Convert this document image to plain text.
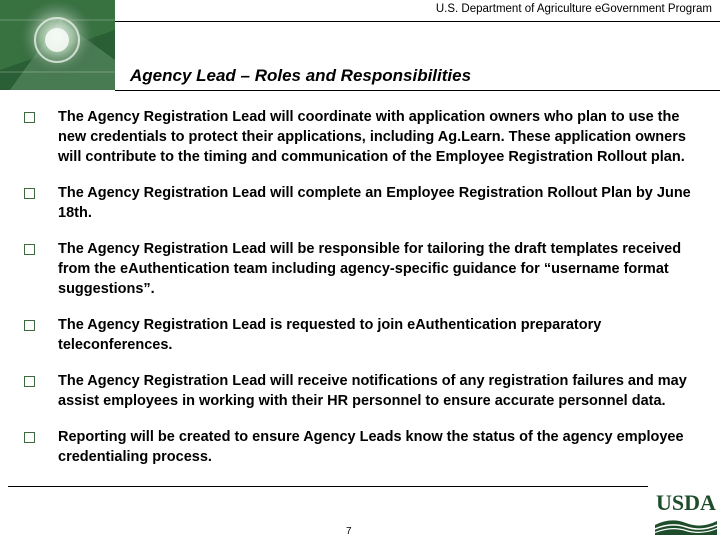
U.S. Department of Agriculture eGovernment Program
Agency Lead – Roles and Responsibilities
The Agency Registration Lead will coordinate with application owners who plan to use the new credentials to protect their applications, including Ag.Learn. These application owners will contribute to the timing and communication of the Employee Registration Rollout plan.
The Agency Registration Lead will complete an Employee Registration Rollout Plan by June 18th.
The Agency Registration Lead will be responsible for tailoring the draft templates received from the eAuthentication team including agency-specific guidance for “username format suggestions”.
The Agency Registration Lead is requested to join eAuthentication preparatory teleconferences.
The Agency Registration Lead will receive notifications of any registration failures and may assist employees in working with their HR personnel to ensure accurate personnel data.
Reporting will be created to ensure Agency Leads know the status of the agency employee credentialing process.
7
USDA
